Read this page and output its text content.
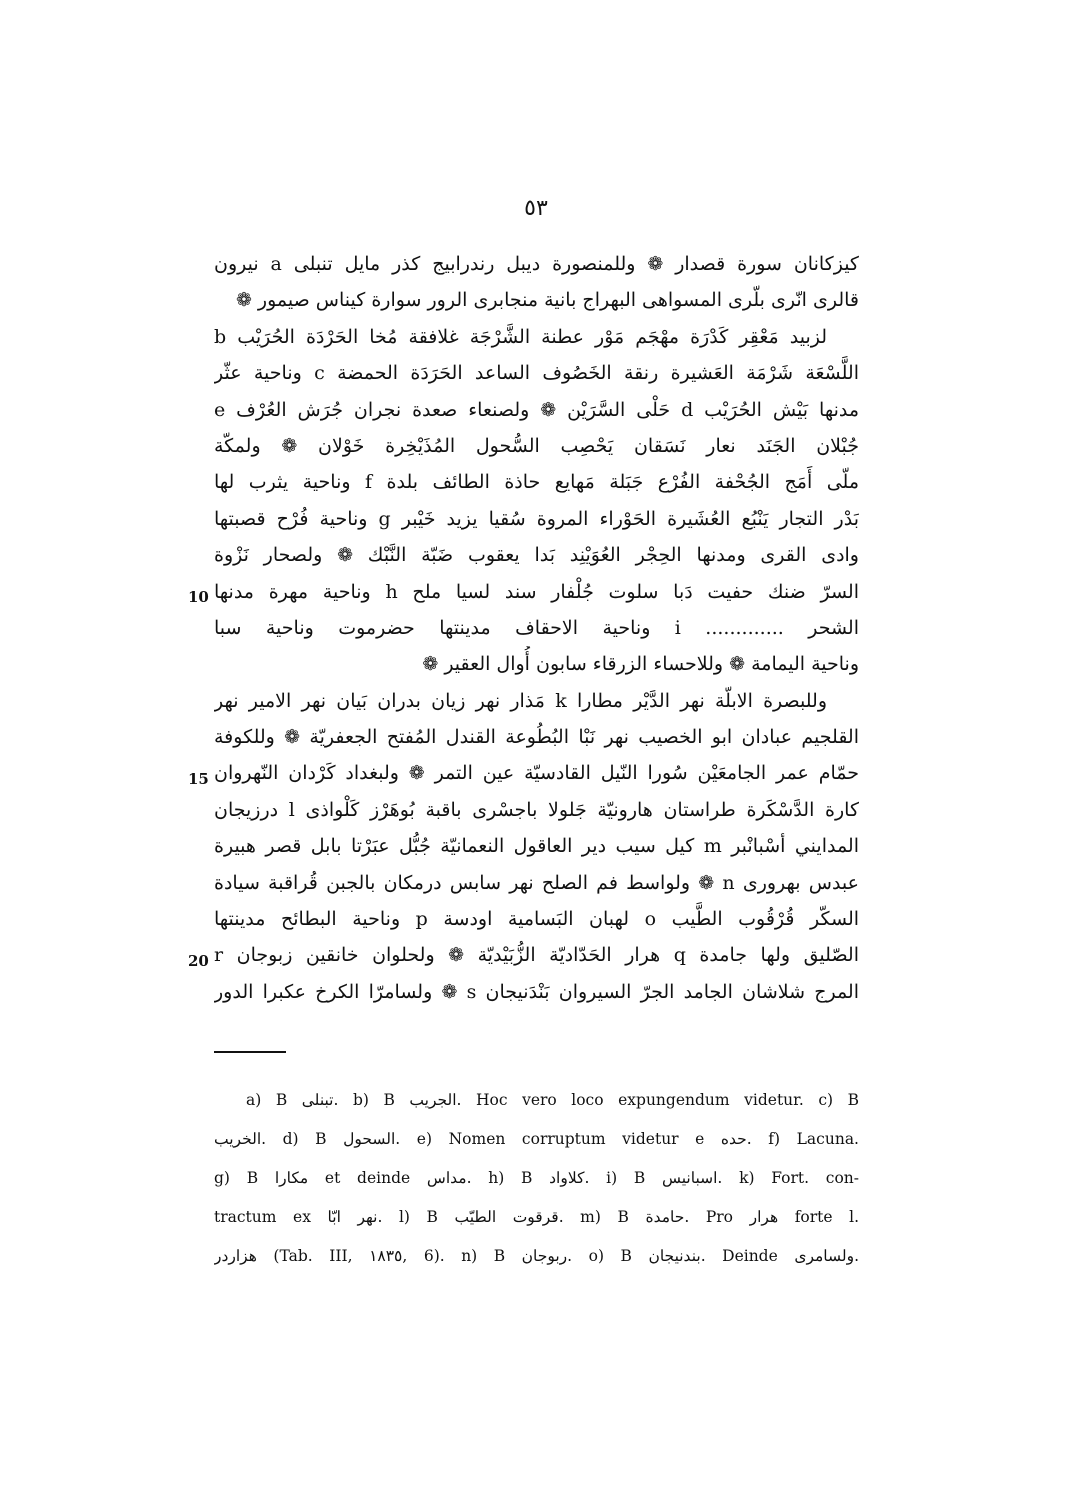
٥٣
كيزكانان سورة قصدار ❁ وللمنصورة ديبل رندرابيج كذر مايل تنبلى a نيرون
قالرى انّرى بلّرى المسواهى البهراج بانية منجابرى الرور سوارة كيناس صيمور ❁
لزبيد مَعْقِر كَدْرَة مهْجَم مَوْر عطنة الشَّرْجَة غلافقة مُخا الحَرْدَة الحُرَيْب b
اللَّسْعَة شَرْمَة العَشيرة رنقة الخَصُوف الساعد الحَرَدَة الحمضة c وناحية عثّر
مدنها بَيْش الحُرَيْب d حَلْى السَّرَيْن ❁ ولصنعاء صعدة نجران جُرَش العُرْف e
جُبْلان الجَنَد نعار نَسَقان يَحْصِب السُّحول المُذَيْخِرة خَوْلان ❁ ولمكّة
ملّى أَمَج الجُحْفة الفُرْع جَبَلة مَهايع حاذة الطائف بلدة f وناحية يثرب لها
بَدْر التجار يَنْبُع العُشَيرة الحَوْراء المروة سُقيا يزيد خَيْبر g وناحية فُرْح قصبتها
وادى القرى ومدنها الحِجْر العُوَيْنِد بَدا يعقوب ضَبّة النَّبْك ❁ ولصحار نَزْوة
السرّ ضنك حفيت دَبا سلوت جُلْفار سند لسيا ملح h وناحية مهرة مدنها
الشحر ............. i وناحية الاحقاف مدينتها حضرموت وناحية سبا
وناحية اليمامة ❁ وللاحساء الزرقاء سابون أُوال العقير ❁
وللبصرة الابلّة نهر الدَّيْر مطارا k مَذار نهر زيان بدران بَيان نهر الامير نهر
القلجيم عبادان ابو الخصيب نهر نَبْا البُطُوعة القندل المُفتح الجعفريّة ❁ وللكوفة
حمّام عمر الجامعَيْن سُورا النّيل القادسيّة عين التمر ❁ ولبغداد كَرْدان النّهروان
كارة الدَّسْكَرة طراستان هارونيّة جَلولا باجسْرى باقبة بُوهَرْز كَلْواذى l درزيجان
المدايني أسْبانْبر m كيل سيب دير العاقول النعمانيّة جُبُّل عبَرْتا بابل قصر هبيرة
عبدس بهرورى n ❁ ولواسط فم الصلح نهر سابس درمكان بالجبن قُراقبة سيادة
السكّر قُرْقُوب الطَّيب o لهبان البَسامية اودسة p وناحية البطائح مدينتها
الصّليق ولها جامدة q هرار الحَدّاديّة الزُّبَيْديّة ❁ ولحلوان خانقين زبوجان r
المرج شلاشان الجامد الجرّ السيروان بَنْدَنيجان s ❁ ولسامرّا الكرخ عكبرا الدور
10
15
20
a) B تبنلى. b) B الجريب. Hoc vero loco expungendum videtur. c) B
الخريب. d) B السحول. e) Nomen corruptum videtur e حده. f) Lacuna.
g) B مكارا et deinde مداس. h) B كلاواد. i) B اسبانيس. k) Fort. con-
tractum ex نهر ابّا. l) B قرقوت الطيّب. m) B حامدة. Pro هرار forte l.
هزاردر (Tab. III, ١٨٣٥, 6). n) B ربوجان. o) B بندنيجان. Deinde ولسامرى.
